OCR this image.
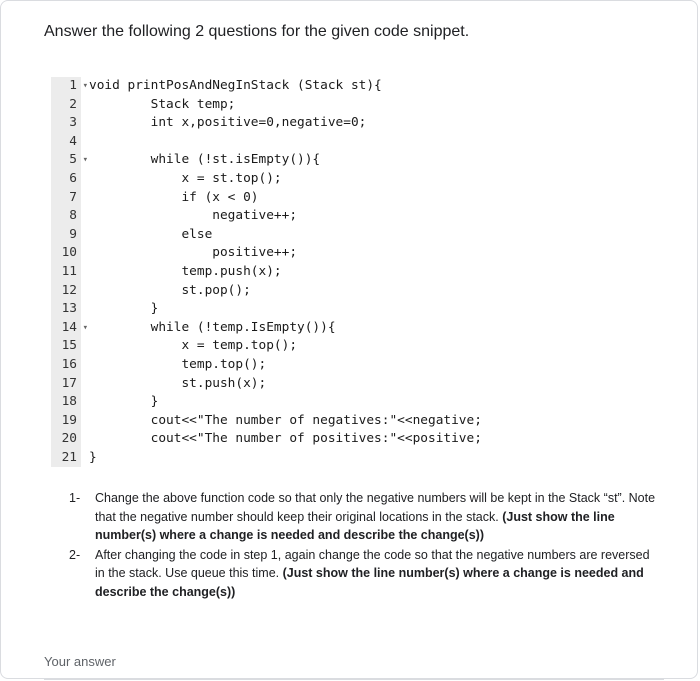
Answer the following 2 questions for the given code snippet.
1 ▾ void printPosAndNegInStack (Stack st){
2 Stack temp;
3 int x,positive=0,negative=0;
4
5 ▾ while (!st.isEmpty()){
6 x = st.top();
7 if (x < 0)
8 negative++;
9 else
10 positive++;
11 temp.push(x);
12 st.pop();
13 }
14 ▾ while (!temp.IsEmpty()){
15 x = temp.top();
16 temp.top();
17 st.push(x);
18 }
19 cout<<"The number of negatives:"<<negative;
20 cout<<"The number of positives:"<<positive;
21 }
1-	Change the above function code so that only the negative numbers will be kept in the Stack “st”. Note that the negative number should keep their original locations in the stack. (Just show the line number(s) where a change is needed and describe the change(s))
2-	After changing the code in step 1, again change the code so that the negative numbers are reversed in the stack. Use queue this time. (Just show the line number(s) where a change is needed and describe the change(s))
Your answer
